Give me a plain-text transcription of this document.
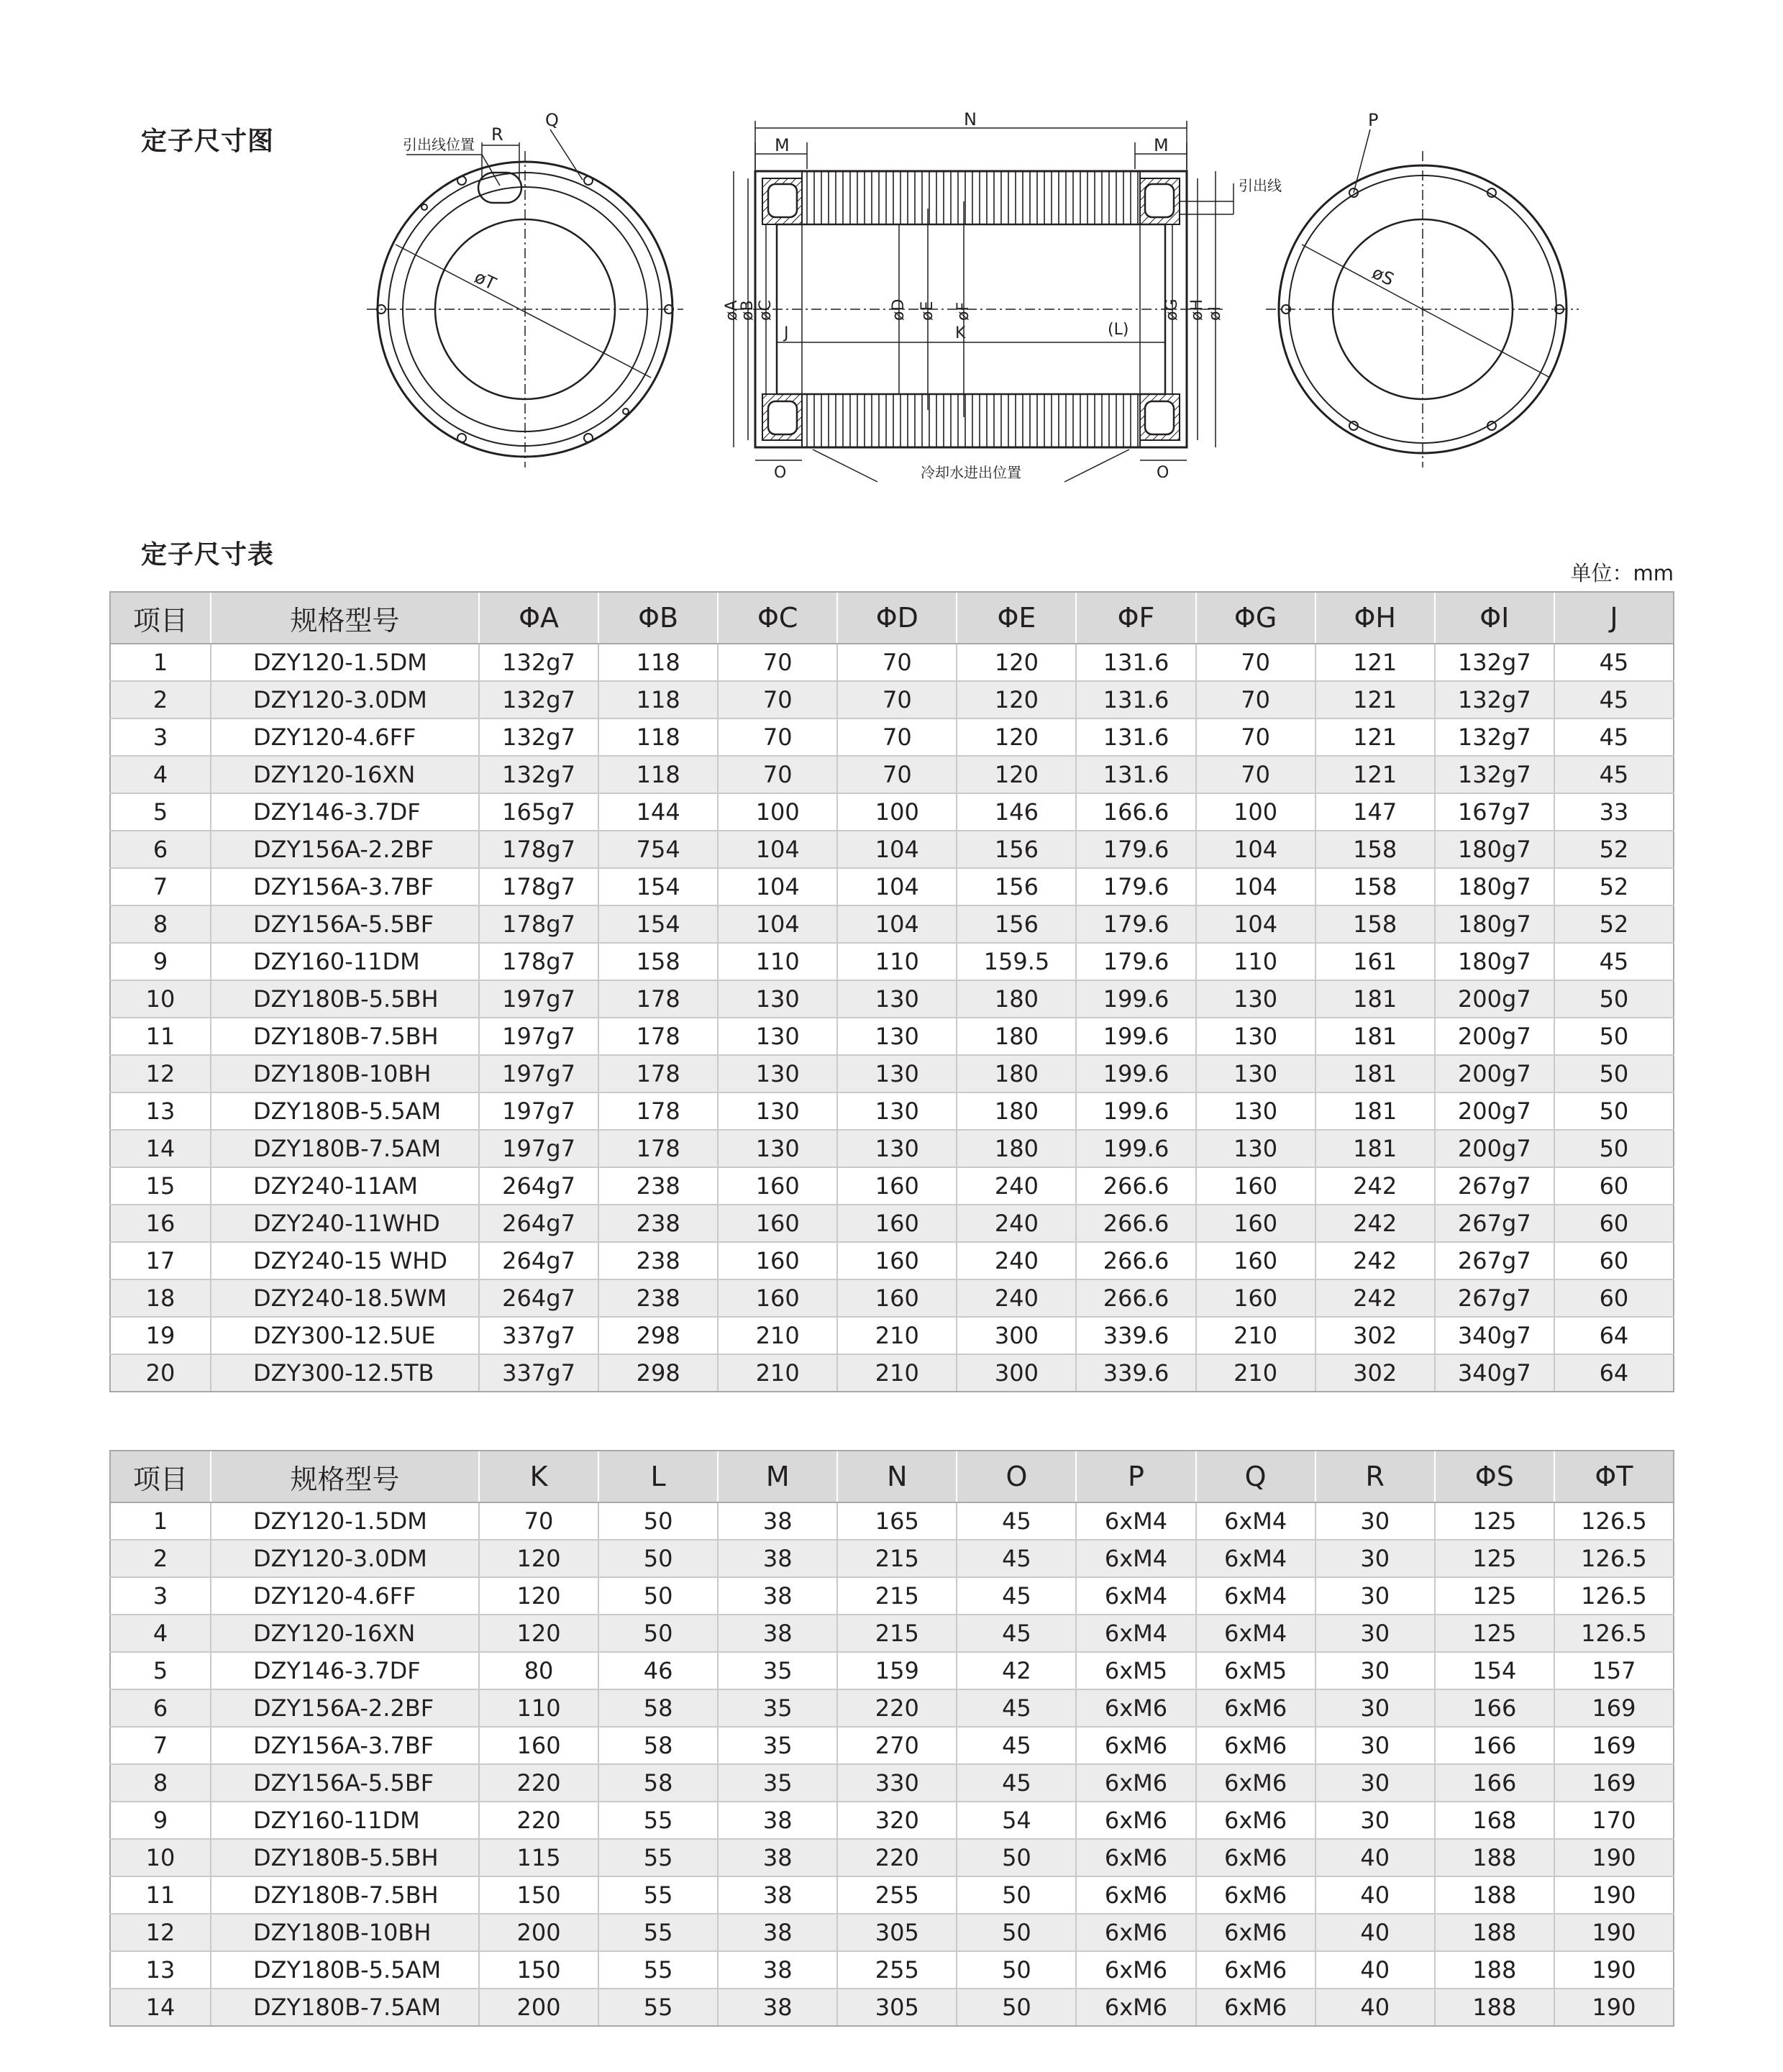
定子尺寸图	引出线位置 R
Q
øT
N
M	M
引出线
øA
øB øC	øD øE øF	øG øH øI
J	K	(L)
O	O
冷却水进出位置
P
øS
定子尺寸表
单位：mm
项目	规格型号	ΦA	ΦB	ΦC	ΦD	ΦE	ΦF	ΦG	ΦH	ΦI	J
1	DZY120-1.5DM	132g7	118	70	70	120	131.6	70	121	132g7	45
2	DZY120-3.0DM	132g7	118	70	70	120	131.6	70	121	132g7	45
3	DZY120-4.6FF	132g7	118	70	70	120	131.6	70	121	132g7	45
4	DZY120-16XN	132g7	118	70	70	120	131.6	70	121	132g7	45
5	DZY146-3.7DF	165g7	144	100	100	146	166.6	100	147	167g7	33
6	DZY156A-2.2BF	178g7	754	104	104	156	179.6	104	158	180g7	52
7	DZY156A-3.7BF	178g7	154	104	104	156	179.6	104	158	180g7	52
8	DZY156A-5.5BF	178g7	154	104	104	156	179.6	104	158	180g7	52
9	DZY160-11DM	178g7	158	110	110	159.5	179.6	110	161	180g7	45
10	DZY180B-5.5BH	197g7	178	130	130	180	199.6	130	181	200g7	50
11	DZY180B-7.5BH	197g7	178	130	130	180	199.6	130	181	200g7	50
12	DZY180B-10BH	197g7	178	130	130	180	199.6	130	181	200g7	50
13	DZY180B-5.5AM	197g7	178	130	130	180	199.6	130	181	200g7	50
14	DZY180B-7.5AM	197g7	178	130	130	180	199.6	130	181	200g7	50
15	DZY240-11AM	264g7	238	160	160	240	266.6	160	242	267g7	60
16	DZY240-11WHD	264g7	238	160	160	240	266.6	160	242	267g7	60
17	DZY240-15 WHD	264g7	238	160	160	240	266.6	160	242	267g7	60
18	DZY240-18.5WM	264g7	238	160	160	240	266.6	160	242	267g7	60
19	DZY300-12.5UE	337g7	298	210	210	300	339.6	210	302	340g7	64
20	DZY300-12.5TB	337g7	298	210	210	300	339.6	210	302	340g7	64
项目	规格型号	K	L	M	N	O	P	Q	R	ΦS	ΦT
1	DZY120-1.5DM	70	50	38	165	45	6xM4	6xM4	30	125	126.5
2	DZY120-3.0DM	120	50	38	215	45	6xM4	6xM4	30	125	126.5
3	DZY120-4.6FF	120	50	38	215	45	6xM4	6xM4	30	125	126.5
4	DZY120-16XN	120	50	38	215	45	6xM4	6xM4	30	125	126.5
5	DZY146-3.7DF	80	46	35	159	42	6xM5	6xM5	30	154	157
6	DZY156A-2.2BF	110	58	35	220	45	6xM6	6xM6	30	166	169
7	DZY156A-3.7BF	160	58	35	270	45	6xM6	6xM6	30	166	169
8	DZY156A-5.5BF	220	58	35	330	45	6xM6	6xM6	30	166	169
9	DZY160-11DM	220	55	38	320	54	6xM6	6xM6	30	168	170
10	DZY180B-5.5BH	115	55	38	220	50	6xM6	6xM6	40	188	190
11	DZY180B-7.5BH	150	55	38	255	50	6xM6	6xM6	40	188	190
12	DZY180B-10BH	200	55	38	305	50	6xM6	6xM6	40	188	190
13	DZY180B-5.5AM	150	55	38	255	50	6xM6	6xM6	40	188	190
14	DZY180B-7.5AM	200	55	38	305	50	6xM6	6xM6	40	188	190
